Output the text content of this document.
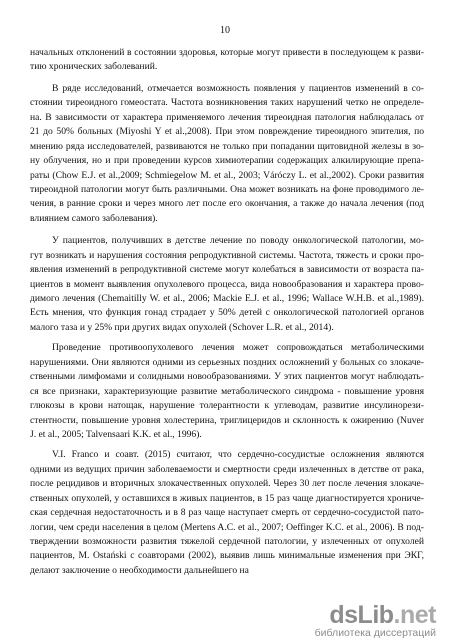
10
начальных отклонений в состоянии здоровья, которые могут привести в последующем к разви-
тию хронических заболеваний.
В ряде исследований, отмечается возможность появления у пациентов изменений в со-
стоянии тиреоидного гомеостата. Частота возникновения таких нарушений четко не определе-
на. В зависимости от характера применяемого лечения тиреоидная патология наблюдалась от
21 до 50% больных (Miyoshi Y et al.,2008). При этом повреждение тиреоидного эпителия, по
мнению ряда исследователей, развиваются не только при попадании щитовидной железы в зо-
ну облучения, но и при проведении курсов химиотерапии содержащих алкилирующие препа-
раты (Chow E.J. et al.,2009; Schmiegelow M. et al., 2003; Váróczy L. et al.,2002). Сроки развития
тиреоидной патологии могут быть различными. Она может возникать на фоне проводимого ле-
чения, в ранние сроки и через много лет после его окончания, а также до начала лечения (под
влиянием самого заболевания).
У пациентов, получивших в детстве лечение по поводу онкологической патологии, мо-
гут возникать и нарушения состояния репродуктивной системы. Частота, тяжесть и сроки про-
явления изменений в репродуктивной системе могут колебаться в зависимости от возраста па-
циентов в момент выявления опухолевого процесса, вида новообразования и характера прово-
димого лечения (Chemaitilly W. et al., 2006; Mackie E.J. et al., 1996; Wallace W.H.B. et al.,1989).
Есть мнения, что функция гонад страдает у 50% детей с онкологической патологией органов
малого таза и у 25% при других видах опухолей (Schover L.R. et al., 2014).
Проведение противоопухолевого лечения может сопровождаться метаболическими
нарушениями. Они являются одними из серьезных поздних осложнений у больных со злокаче-
ственными лимфомами и солидными новообразованиями. У этих пациентов могут наблюдать-
ся все признаки, характеризующие развитие метаболического синдрома - повышение уровня
глюкозы в крови натощак, нарушение толерантности к углеводам, развитие инсулинорези-
стентности, повышение уровня холестерина, триглицеридов и склонность к ожирению (Nuver
J. et al., 2005; Talvensaari K.K. et al., 1996).
V.I. Franco и соавт. (2015) считают, что сердечно-сосудистые осложнения являются
одними из ведущих причин заболеваемости и смертности среди излеченных в детстве от рака,
после рецидивов и вторичных злокачественных опухолей. Через 30 лет после лечения злокаче-
ственных опухолей, у оставшихся в живых пациентов, в 15 раз чаще диагностируется хрониче-
ская сердечная недостаточность и в 8 раз чаще наступает смерть от сердечно-сосудистой пато-
логии, чем среди населения в целом (Mertens A.C. et al., 2007; Oeffinger K.C. et al., 2006). В под-
тверждении возможности развития тяжелой сердечной патологии, у излеченных от опухолей
пациентов, M. Ostański с соавторами (2002), выявив лишь минимальные изменения при ЭКГ,
делают заключение о необходимости дальнейшего на
dsLib.net
библиотека диссертаций
